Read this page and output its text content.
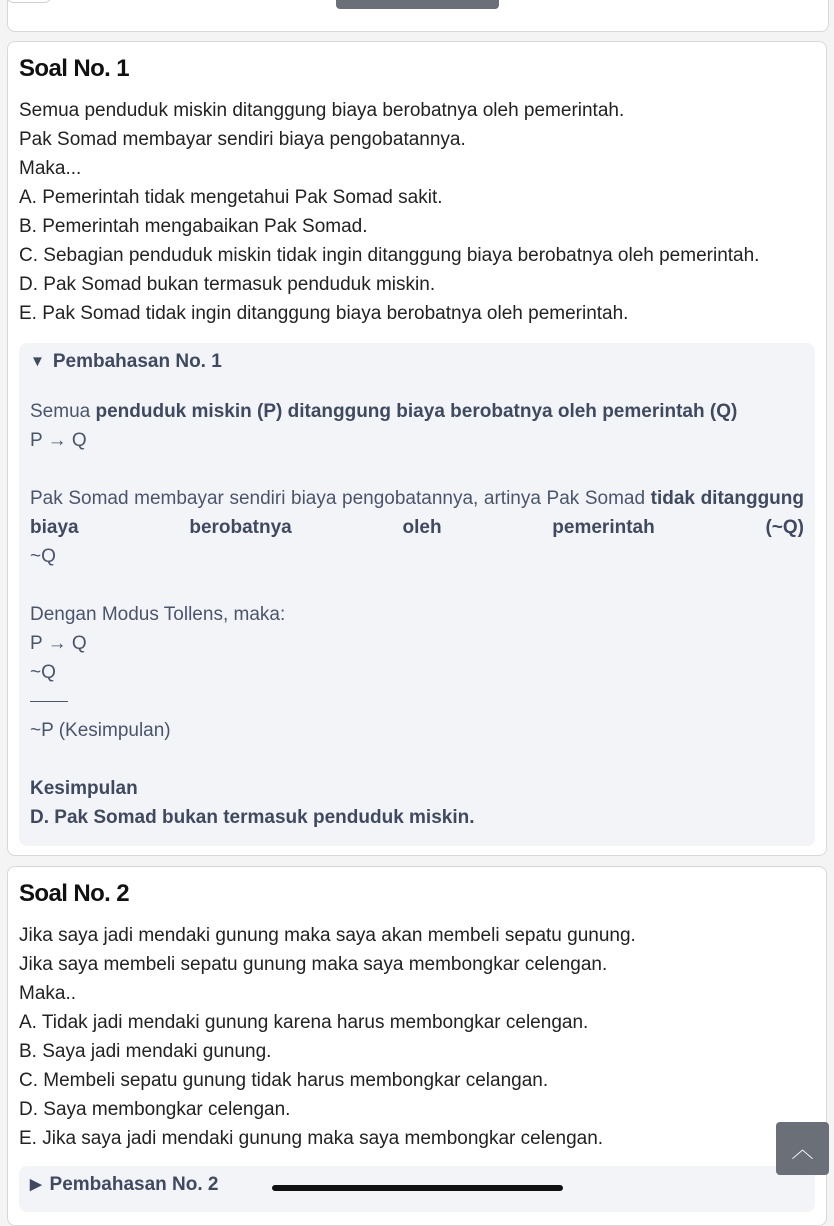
Soal No. 1
Semua penduduk miskin ditanggung biaya berobatnya oleh pemerintah.
Pak Somad membayar sendiri biaya pengobatannya.
Maka...
A. Pemerintah tidak mengetahui Pak Somad sakit.
B. Pemerintah mengabaikan Pak Somad.
C. Sebagian penduduk miskin tidak ingin ditanggung biaya berobatnya oleh pemerintah.
D. Pak Somad bukan termasuk penduduk miskin.
E. Pak Somad tidak ingin ditanggung biaya berobatnya oleh pemerintah.
▼ Pembahasan No. 1
Semua penduduk miskin (P) ditanggung biaya berobatnya oleh pemerintah (Q)
P → Q
Pak Somad membayar sendiri biaya pengobatannya, artinya Pak Somad tidak ditanggung biaya berobatnya oleh pemerintah (~Q)
~Q
Dengan Modus Tollens, maka:
P → Q
~Q
~P (Kesimpulan)
Kesimpulan
D. Pak Somad bukan termasuk penduduk miskin.
Soal No. 2
Jika saya jadi mendaki gunung maka saya akan membeli sepatu gunung.
Jika saya membeli sepatu gunung maka saya membongkar celengan.
Maka..
A. Tidak jadi mendaki gunung karena harus membongkar celengan.
B. Saya jadi mendaki gunung.
C. Membeli sepatu gunung tidak harus membongkar celangan.
D. Saya membongkar celengan.
E. Jika saya jadi mendaki gunung maka saya membongkar celengan.
▶ Pembahasan No. 2
︿
